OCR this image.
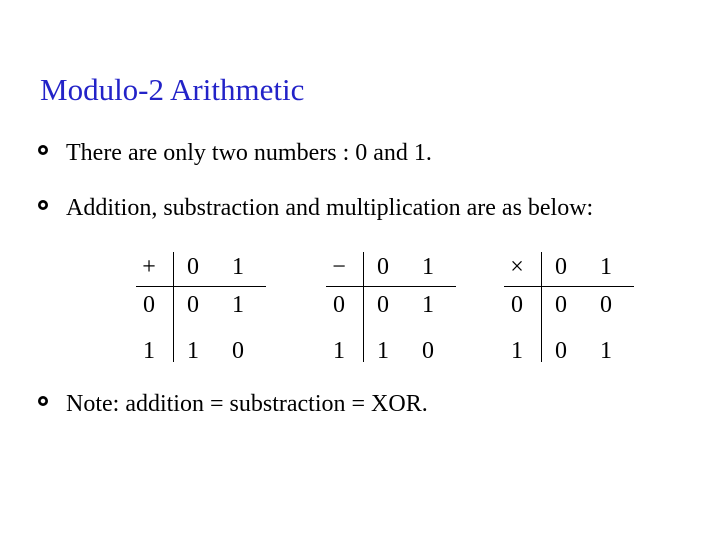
Modulo-2 Arithmetic
There are only two numbers : 0 and 1.
Addition, substraction and multiplication are as below:
+ 0 1
0 0 1
1 1 0
− 0 1
0 0 1
1 1 0
× 0 1
0 0 0
1 0 1
Note: addition = substraction = XOR.
